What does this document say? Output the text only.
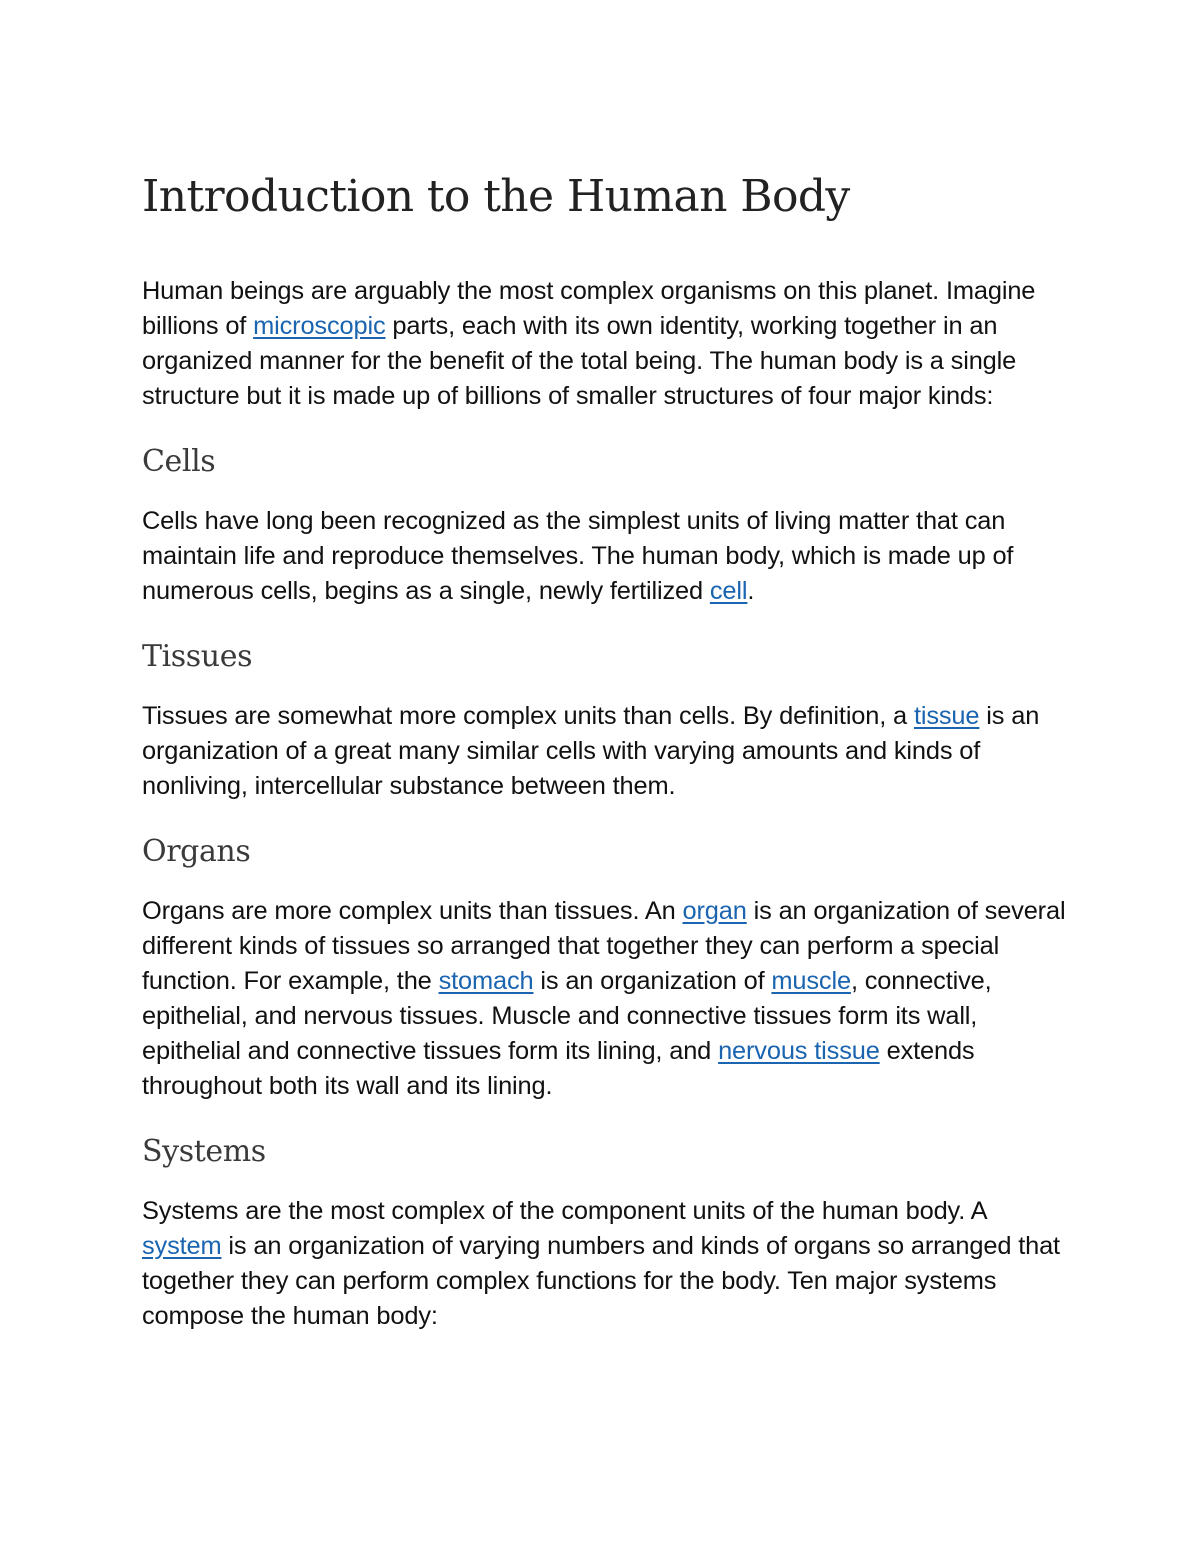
Introduction to the Human Body

Human beings are arguably the most complex organisms on this planet. Imagine billions of microscopic parts, each with its own identity, working together in an organized manner for the benefit of the total being. The human body is a single structure but it is made up of billions of smaller structures of four major kinds:

Cells

Cells have long been recognized as the simplest units of living matter that can maintain life and reproduce themselves. The human body, which is made up of numerous cells, begins as a single, newly fertilized cell.

Tissues

Tissues are somewhat more complex units than cells. By definition, a tissue is an organization of a great many similar cells with varying amounts and kinds of nonliving, intercellular substance between them.

Organs

Organs are more complex units than tissues. An organ is an organization of several different kinds of tissues so arranged that together they can perform a special function. For example, the stomach is an organization of muscle, connective, epithelial, and nervous tissues. Muscle and connective tissues form its wall, epithelial and connective tissues form its lining, and nervous tissue extends throughout both its wall and its lining.

Systems

Systems are the most complex of the component units of the human body. A system is an organization of varying numbers and kinds of organs so arranged that together they can perform complex functions for the body. Ten major systems compose the human body:
